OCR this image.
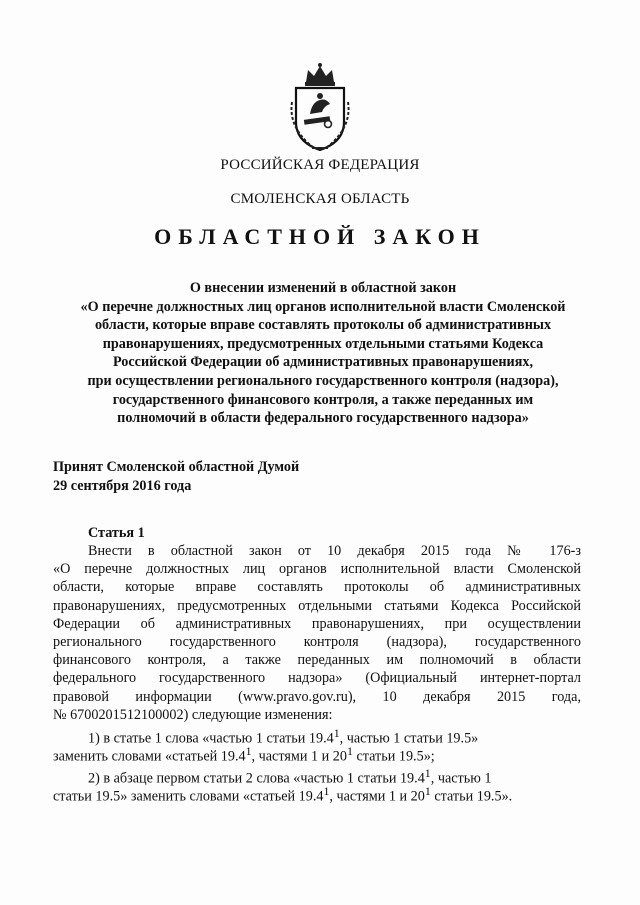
РОССИЙСКАЯ ФЕДЕРАЦИЯ
СМОЛЕНСКАЯ ОБЛАСТЬ
ОБЛАСТНОЙ ЗАКОН
О внесении изменений в областной закон
«О перечне должностных лиц органов исполнительной власти Смоленской
области, которые вправе составлять протоколы об административных
правонарушениях, предусмотренных отдельными статьями Кодекса
Российской Федерации об административных правонарушениях,
при осуществлении регионального государственного контроля (надзора),
государственного финансового контроля, а также переданных им
полномочий в области федерального государственного надзора»
Принят Смоленской областной Думой
29 сентября 2016 года
Статья 1
Внести в областной закон от 10 декабря 2015 года № 176-з
«О перечне должностных лиц органов исполнительной власти Смоленской
области, которые вправе составлять протоколы об административных
правонарушениях, предусмотренных отдельными статьями Кодекса Российской
Федерации об административных правонарушениях, при осуществлении
регионального государственного контроля (надзора), государственного
финансового контроля, а также переданных им полномочий в области
федерального государственного надзора» (Официальный интернет-портал
правовой информации (www.pravo.gov.ru), 10 декабря 2015 года,
№ 6700201512100002) следующие изменения:
1) в статье 1 слова «частью 1 статьи 19.4$^1$, частью 1 статьи 19.5»
заменить словами «статьей 19.4$^1$, частями 1 и $20^1$ статьи 19.5»;
2) в абзаце первом статьи 2 слова «частью 1 статьи 19.4$^1$, частью 1
статьи 19.5» заменить словами «статьей 19.4$^1$, частями 1 и $20^1$ статьи 19.5».
